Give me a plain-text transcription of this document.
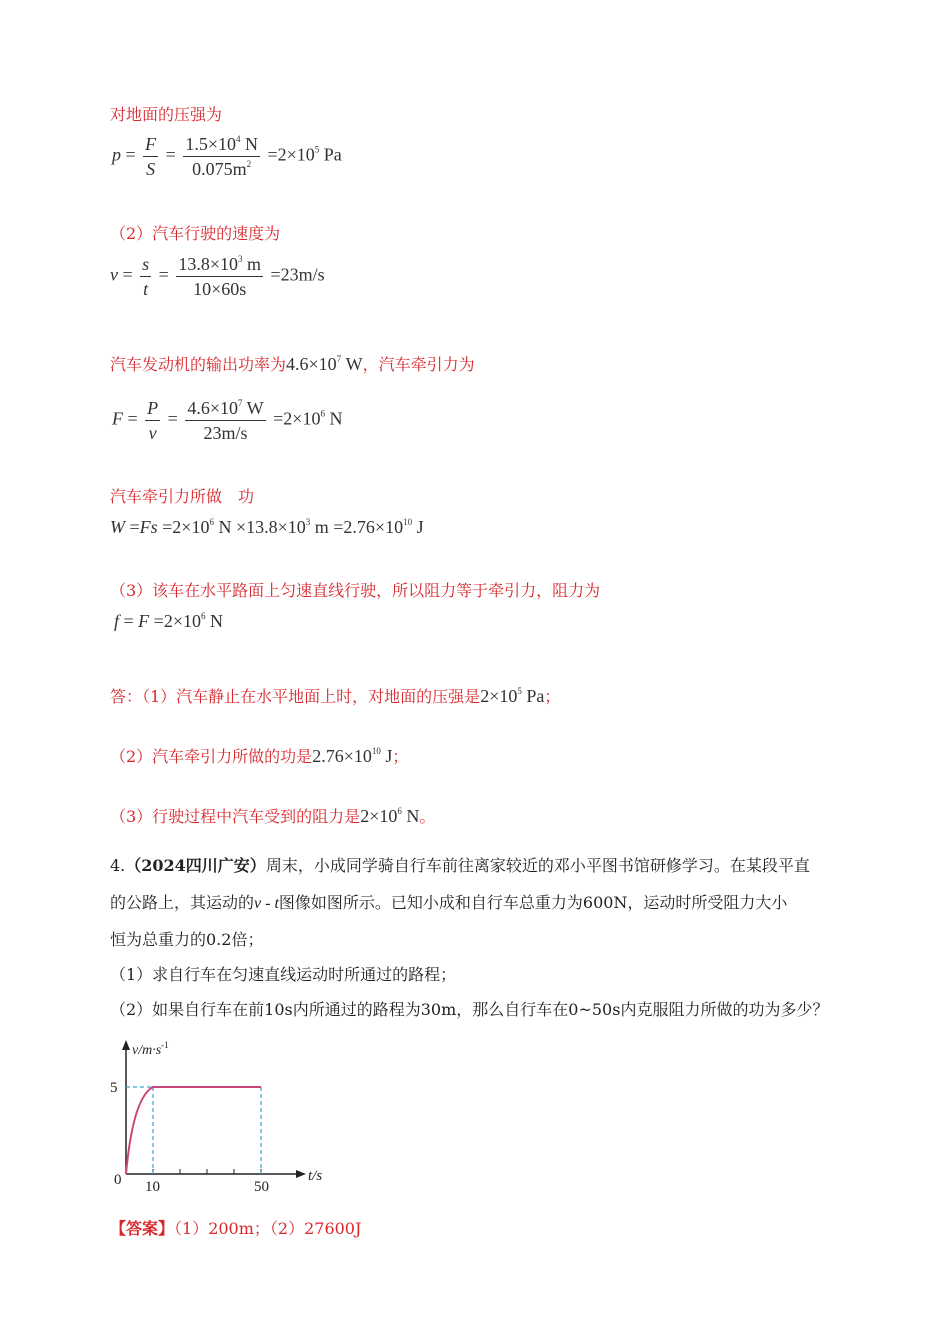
对地面的压强为
$p = \frac{F}{S} = \frac{1.5\times 10^4 N}{0.075m^2} =2\times 10^5$ Pa
（2）汽车行驶的速度为
$v = \frac{s}{t} = \frac{13.8\times 10^3 m}{10\times 60s} =23m/s$
汽车发动机的输出功率为$4.6\times 10^7$ W，汽车牵引力为
$F = \frac{P}{v} = \frac{4.6\times 10^7 W}{23m/s} =2\times 10^6$ N
汽车牵引力所做　功
$W =Fs =2\times 10^6$ $N \times 13.8\times 10^3$ $m =2.76\times 10^{10}$ J
（3）该车在水平路面上匀速直线行驶，所以阻力等于牵引力，阻力为
$f = F =2\times 10^6$ N
答：（1）汽车静止在水平地面上时，对地面的压强是$2\times 10^5$ Pa；
（2）汽车牵引力所做的功是$2.76\times 10^{10}$ J；
（3）行驶过程中汽车受到的阻力是$2\times 10^6$ N。
4.（2024四川广安）周末，小成同学骑自行车前往离家较近的邓小平图书馆研修学习。在某段平直
的公路上，其运动的v - t图像如图所示。已知小成和自行车总重力为600N，运动时所受阻力大小
恒为总重力的0.2倍；
（1）求自行车在匀速直线运动时所通过的路程；
（2）如果自行车在前10s内所通过的路程为30m，那么自行车在0~50s内克服阻力所做的功为多少？
$v/m\cdot s^{-1}$
5
0 10	50
t/s
【答案】（1）200m；（2）27600J
